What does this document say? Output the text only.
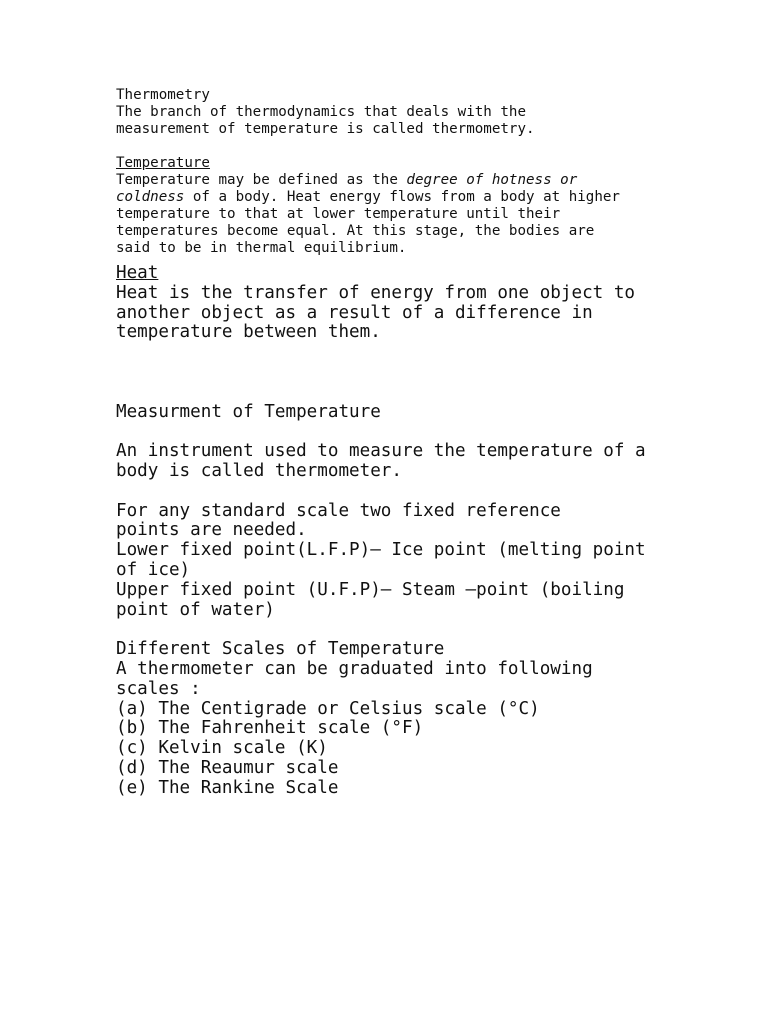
Thermometry

The branch of thermodynamics that deals with the

measurement of temperature is called thermometry.

Temperature

Temperature may be defined as the degree of hotness or

coldness of a body. Heat energy flows from a body at higher

temperature to that at lower temperature until their

temperatures become equal. At this stage, the bodies are

said to be in thermal equilibrium.

Heat

Heat is the transfer of energy from one object to

another object as a result of a difference in

temperature between them.

Measurment of Temperature

An instrument used to measure the temperature of a

body is called thermometer.

For any standard scale two fixed reference

points are needed.

Lower fixed point(L.F.P)– Ice point (melting point

of ice)

Upper fixed point (U.F.P)– Steam –point (boiling

point of water)

Different Scales of Temperature

A thermometer can be graduated into following

scales :

(a) The Centigrade or Celsius scale (°C)

(b) The Fahrenheit scale (°F)

(c) Kelvin scale (K)

(d) The Reaumur scale

(e) The Rankine Scale
